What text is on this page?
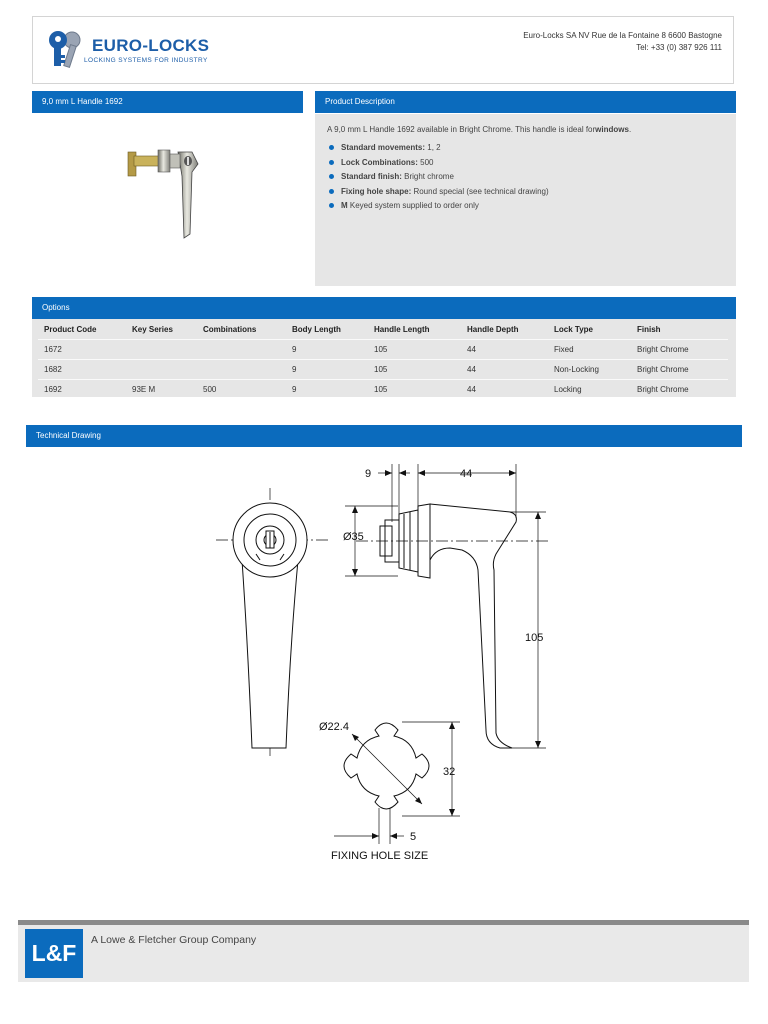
EURO-LOCKS
LOCKING SYSTEMS FOR INDUSTRY
Euro-Locks SA NV Rue de la Fontaine 8 6600 Bastogne
Tel: +33 (0) 387 926 111
9,0 mm L Handle 1692	Product Description
A 9,0 mm L Handle 1692 available in Bright Chrome. This handle is ideal forwindows.
Standard movements: 1, 2
Lock Combinations: 500
Standard finish: Bright chrome
Fixing hole shape: Round special (see technical drawing)
M Keyed system supplied to order only
Options
Product Code	Key Series	Combinations	Body Length	Handle Length	Handle Depth	Lock Type	Finish
1672			9	105	44	Fixed	Bright Chrome
1682			9	105	44	Non-Locking	Bright Chrome
1692	93E M	500	9	105	44	Locking	Bright Chrome
Technical Drawing
9	44
Ø35
105
Ø22.4
32
5
FIXING HOLE SIZE
L&F	A Lowe & Fletcher Group Company
